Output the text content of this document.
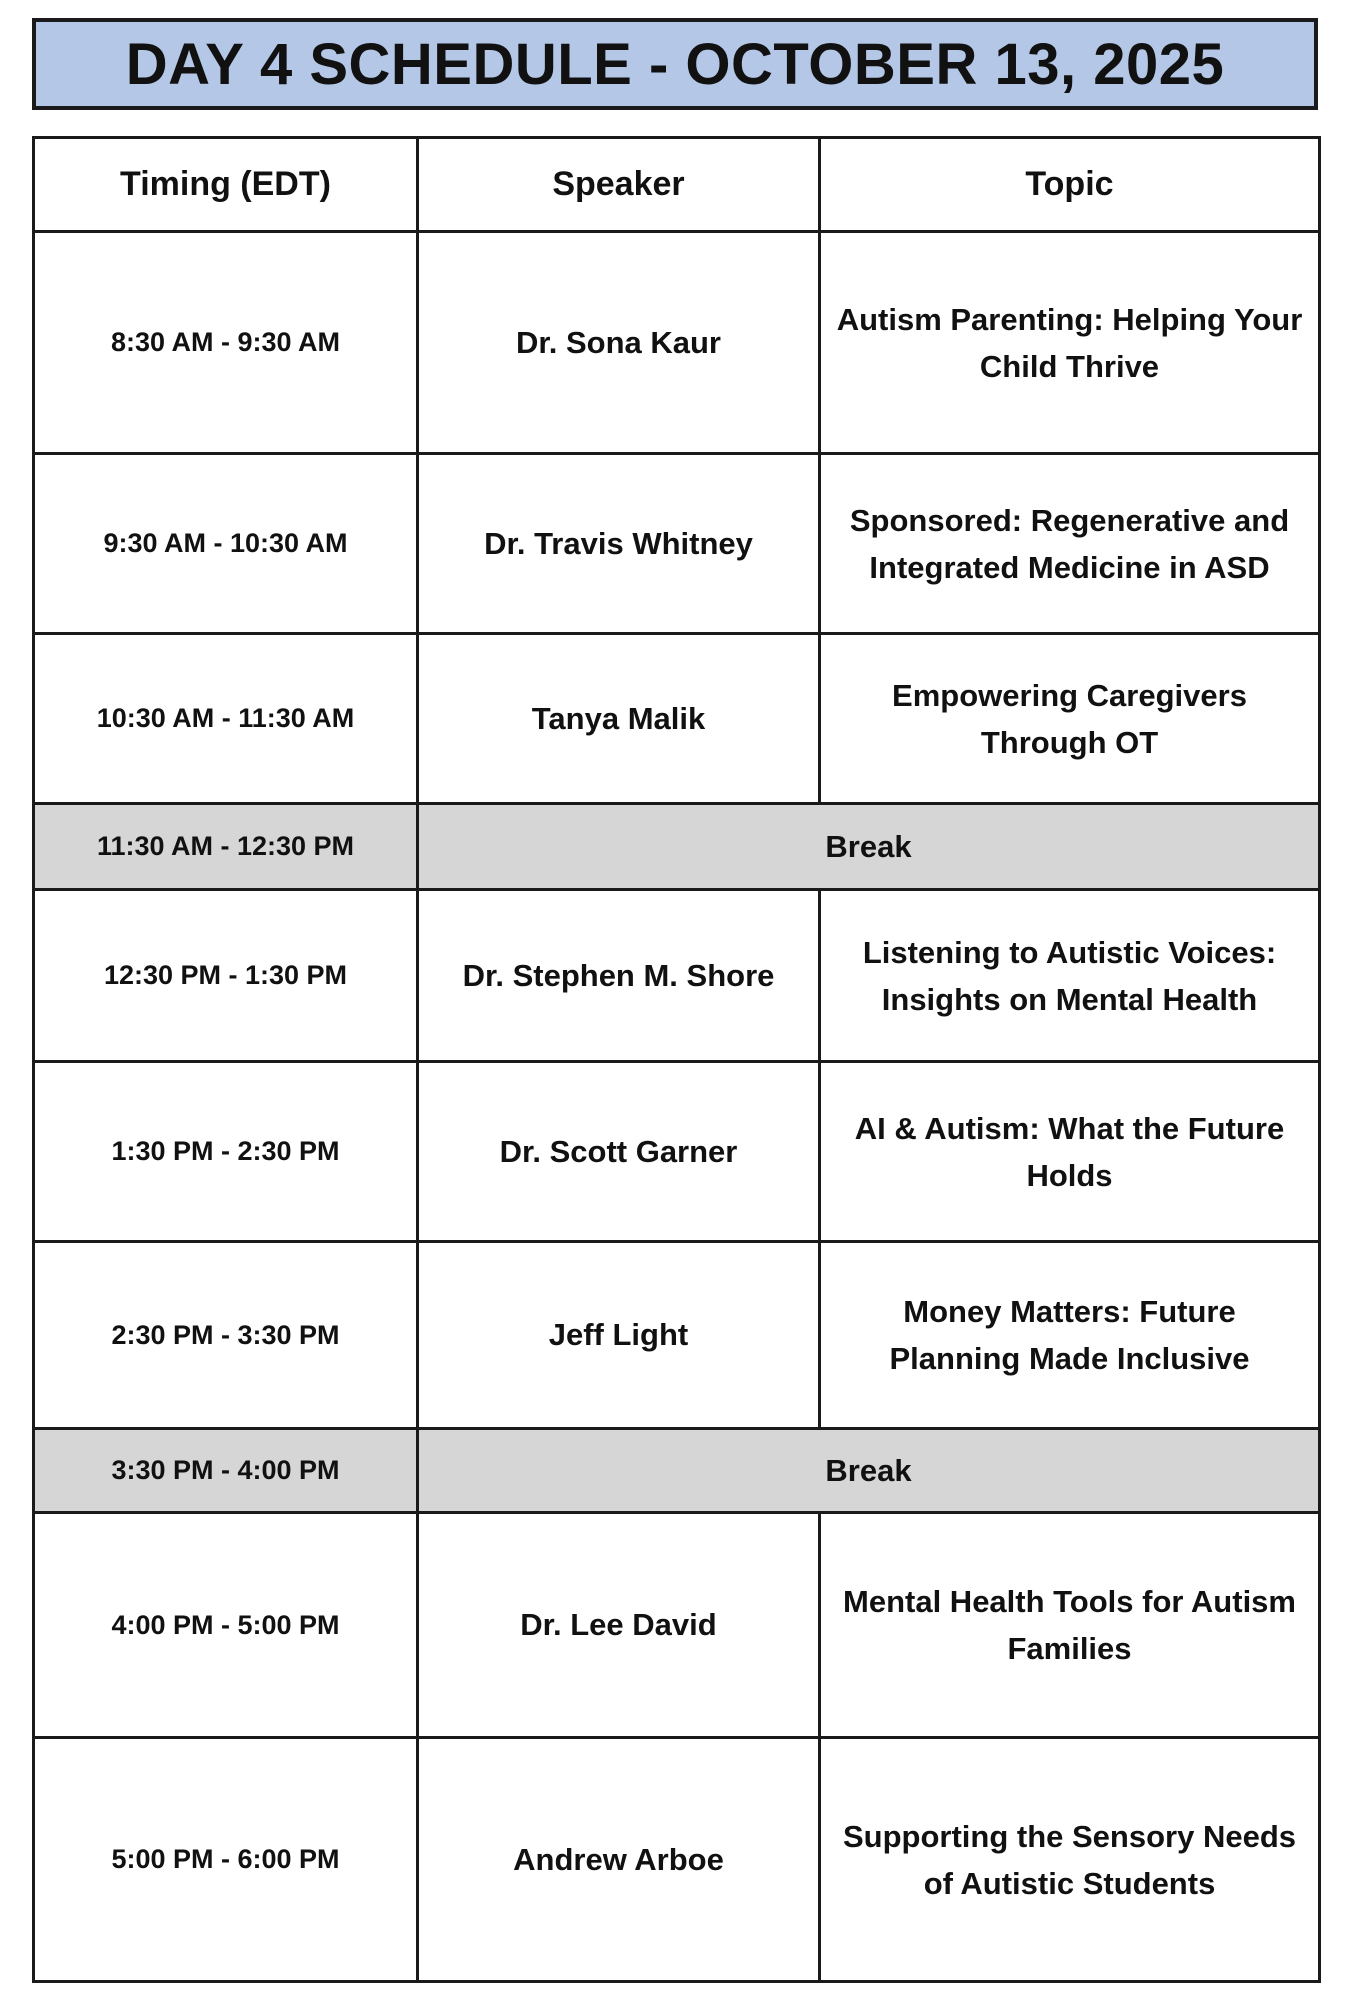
DAY 4 SCHEDULE - OCTOBER 13, 2025
Timing (EDT)	Speaker	Topic
8:30 AM - 9:30 AM	Dr. Sona Kaur	Autism Parenting: Helping Your Child Thrive
9:30 AM - 10:30 AM	Dr. Travis Whitney	Sponsored: Regenerative and Integrated Medicine in ASD
10:30 AM - 11:30 AM	Tanya Malik	Empowering Caregivers Through OT
11:30 AM - 12:30 PM	Break	
12:30 PM - 1:30 PM	Dr. Stephen M. Shore	Listening to Autistic Voices: Insights on Mental Health
1:30 PM - 2:30 PM	Dr. Scott Garner	AI & Autism: What the Future Holds
2:30 PM - 3:30 PM	Jeff Light	Money Matters: Future Planning Made Inclusive
3:30 PM - 4:00 PM	Break	
4:00 PM - 5:00 PM	Dr. Lee David	Mental Health Tools for Autism Families
5:00 PM - 6:00 PM	Andrew Arboe	Supporting the Sensory Needs of Autistic Students
